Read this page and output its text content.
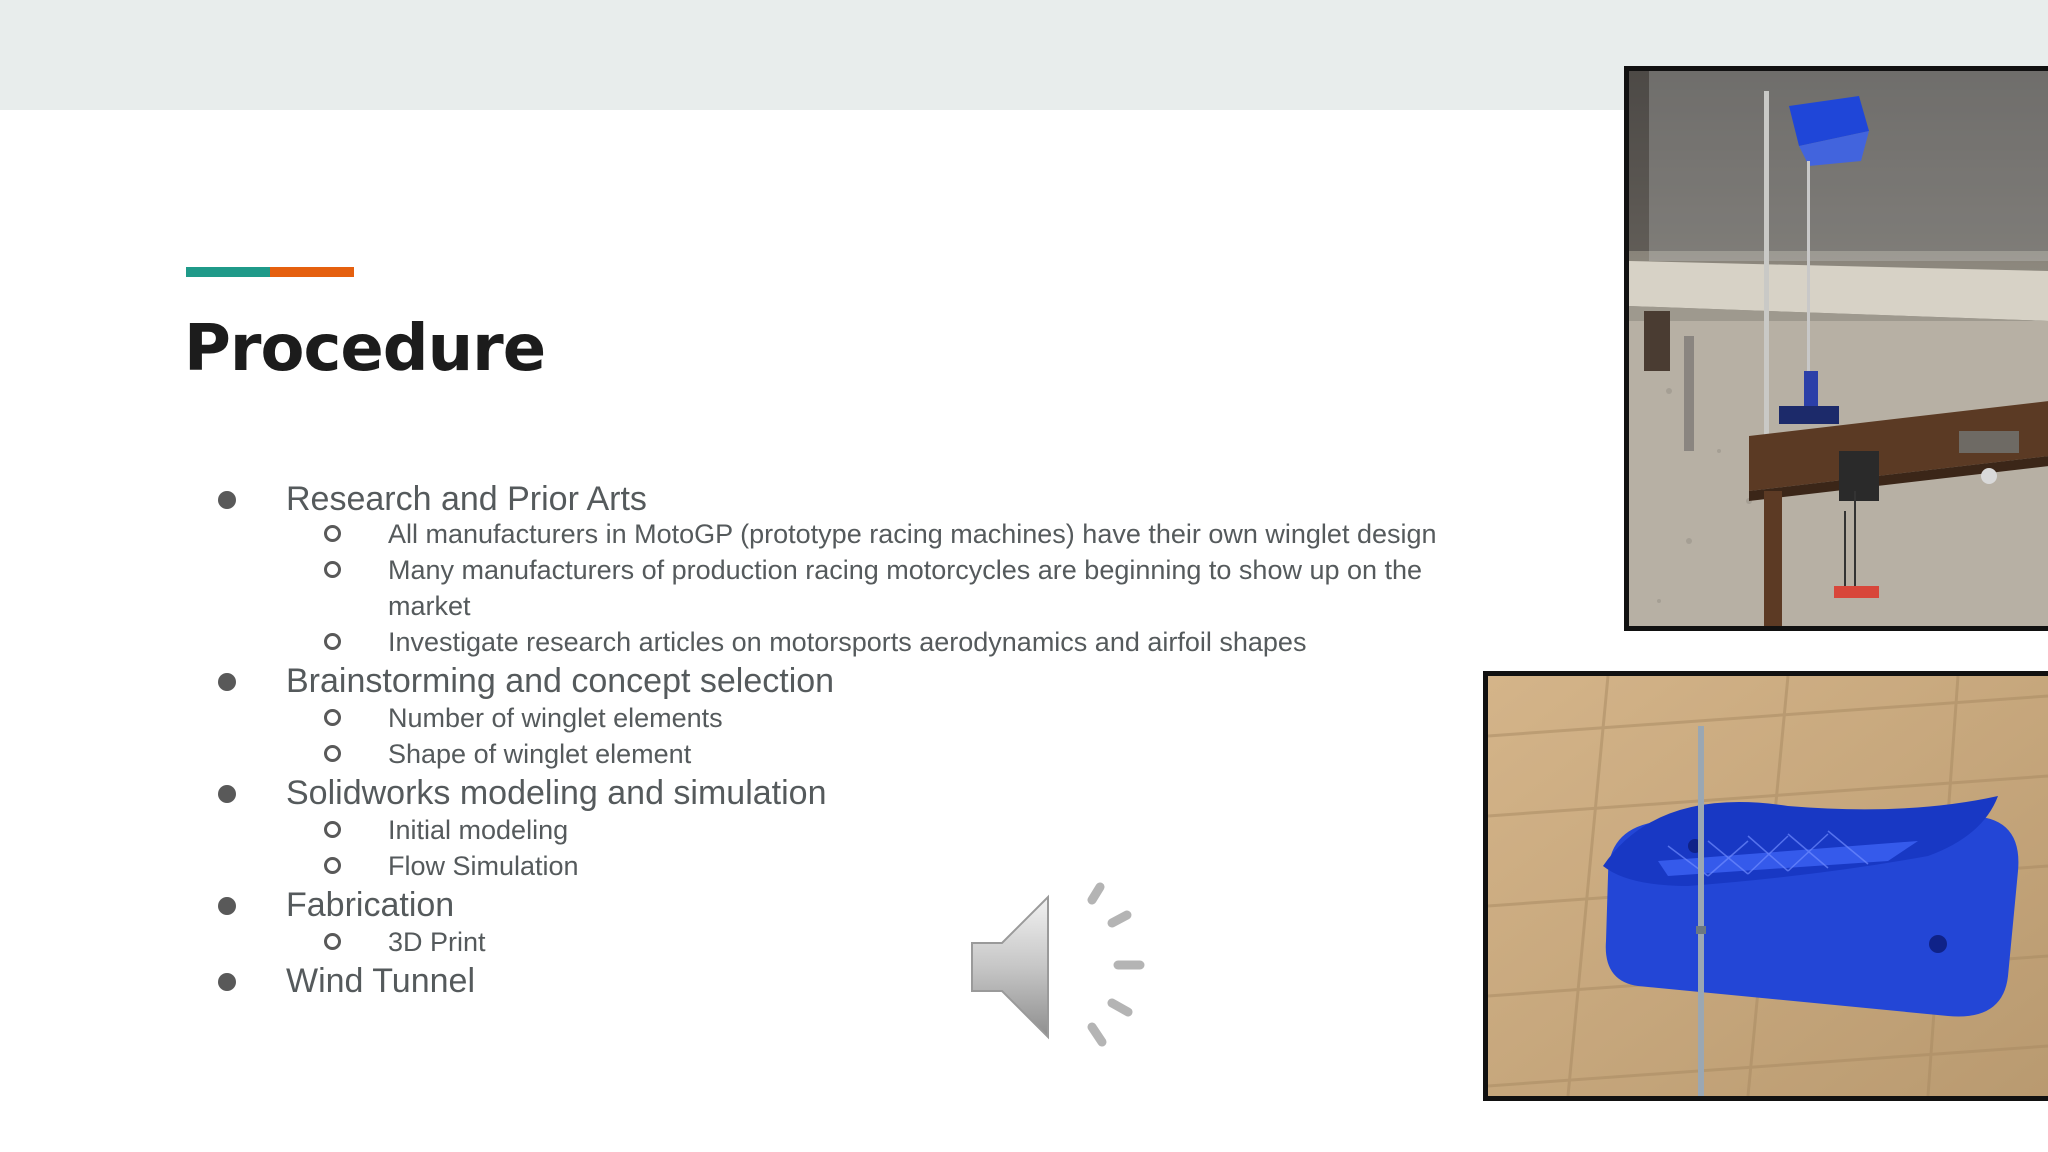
Procedure
Research and Prior Arts
All manufacturers in MotoGP (prototype racing machines) have their own winglet design
Many manufacturers of production racing motorcycles are beginning to show up on the market
Investigate research articles on motorsports aerodynamics and airfoil shapes
Brainstorming and concept selection
Number of winglet elements
Shape of winglet element
Solidworks modeling and simulation
Initial modeling
Flow Simulation
Fabrication
3D Print
Wind Tunnel
